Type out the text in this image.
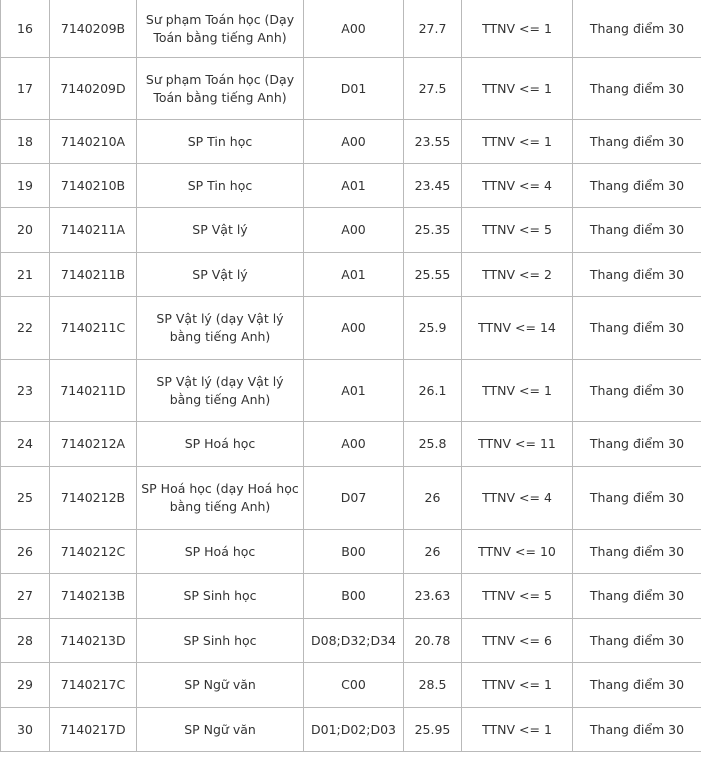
16	7140209B	Sư phạm Toán học (Dạy Toán bằng tiếng Anh)	A00	27.7	TTNV <= 1	Thang điểm 30
17	7140209D	Sư phạm Toán học (Dạy Toán bằng tiếng Anh)	D01	27.5	TTNV <= 1	Thang điểm 30
18	7140210A	SP Tin học	A00	23.55	TTNV <= 1	Thang điểm 30
19	7140210B	SP Tin học	A01	23.45	TTNV <= 4	Thang điểm 30
20	7140211A	SP Vật lý	A00	25.35	TTNV <= 5	Thang điểm 30
21	7140211B	SP Vật lý	A01	25.55	TTNV <= 2	Thang điểm 30
22	7140211C	SP Vật lý (dạy Vật lý bằng tiếng Anh)	A00	25.9	TTNV <= 14	Thang điểm 30
23	7140211D	SP Vật lý (dạy Vật lý bằng tiếng Anh)	A01	26.1	TTNV <= 1	Thang điểm 30
24	7140212A	SP Hoá học	A00	25.8	TTNV <= 11	Thang điểm 30
25	7140212B	SP Hoá học (dạy Hoá học bằng tiếng Anh)	D07	26	TTNV <= 4	Thang điểm 30
26	7140212C	SP Hoá học	B00	26	TTNV <= 10	Thang điểm 30
27	7140213B	SP Sinh học	B00	23.63	TTNV <= 5	Thang điểm 30
28	7140213D	SP Sinh học	D08;D32;D34	20.78	TTNV <= 6	Thang điểm 30
29	7140217C	SP Ngữ văn	C00	28.5	TTNV <= 1	Thang điểm 30
30	7140217D	SP Ngữ văn	D01;D02;D03	25.95	TTNV <= 1	Thang điểm 30
